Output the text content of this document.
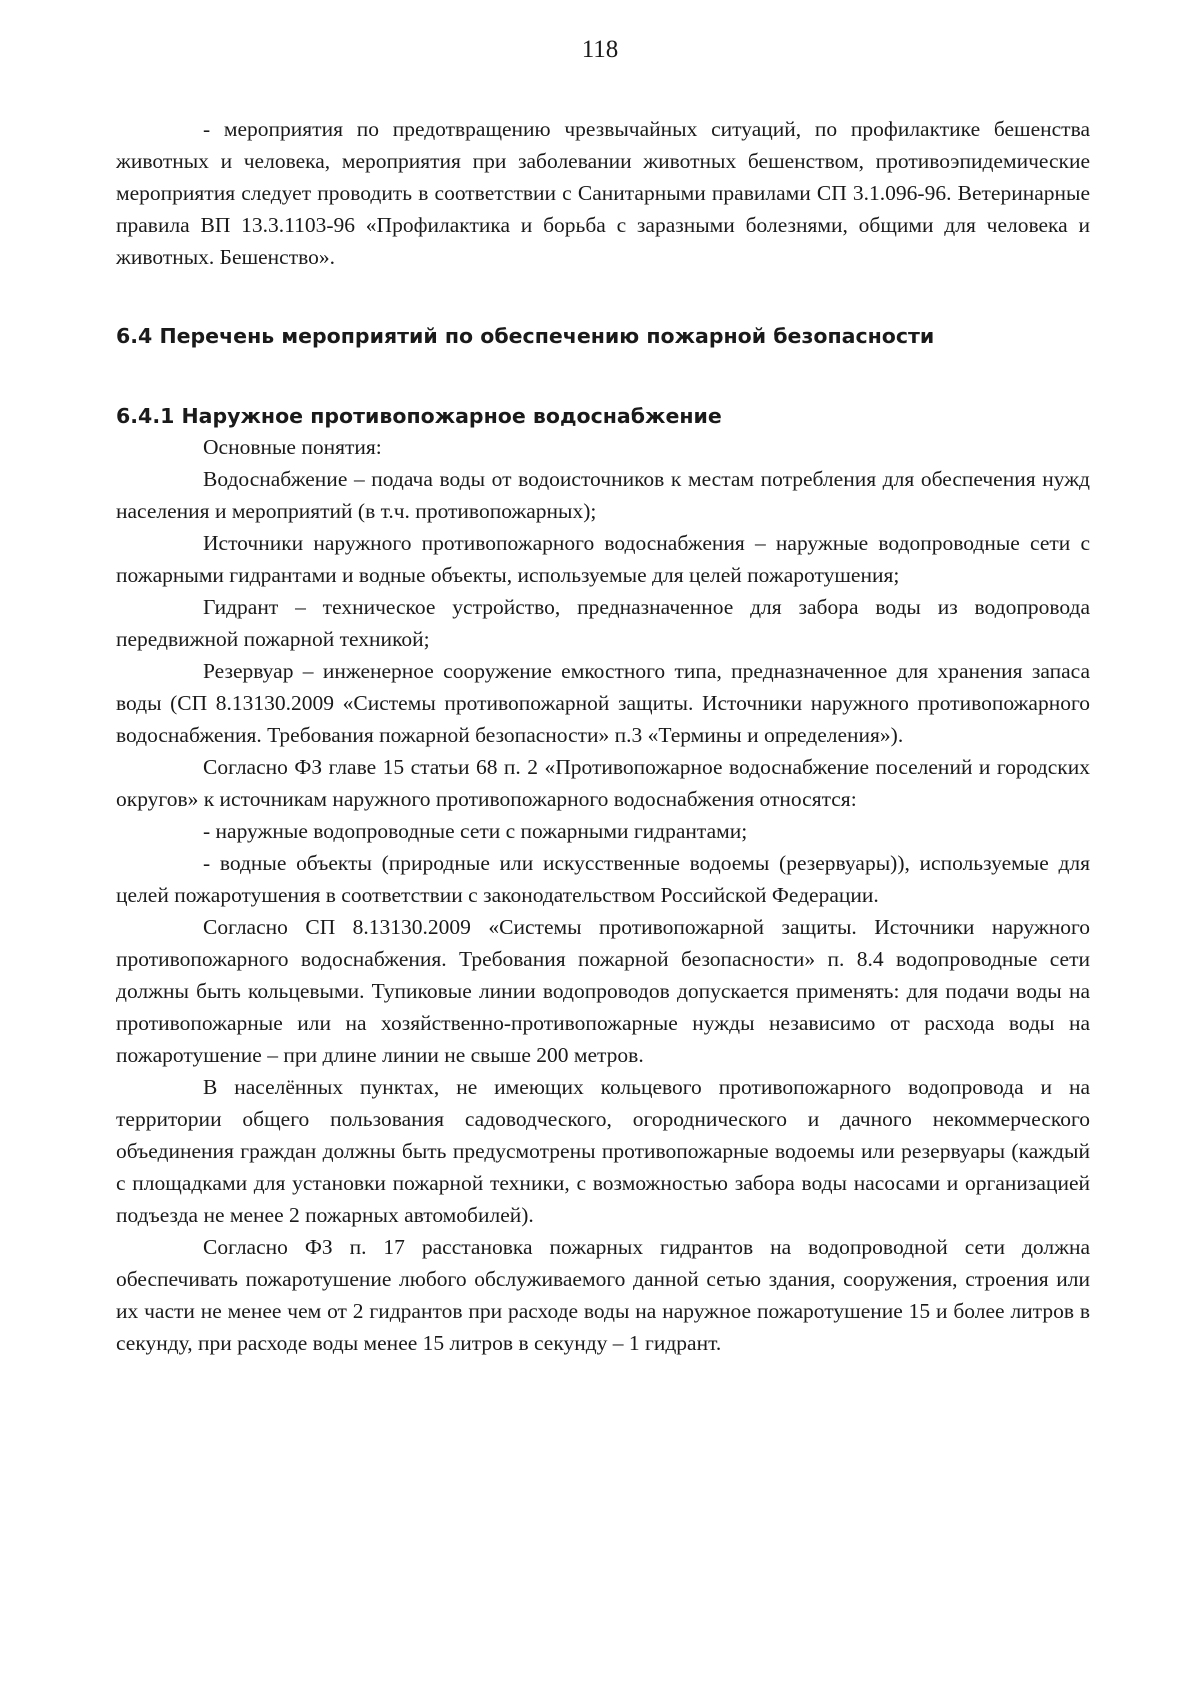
118

- мероприятия по предотвращению чрезвычайных ситуаций, по профилактике бешенства животных и человека, мероприятия при заболевании животных бешенством, противоэпидемические мероприятия следует проводить в соответствии с Санитарными правилами СП 3.1.096-96. Ветеринарные правила ВП 13.3.1103-96 «Профилактика и борьба с заразными болезнями, общими для человека и животных. Бешенство».

6.4 Перечень мероприятий по обеспечению пожарной безопасности
6.4.1 Наружное противопожарное водоснабжение

Основные понятия:

Водоснабжение – подача воды от водоисточников к местам потребления для обеспечения нужд населения и мероприятий (в т.ч. противопожарных);

Источники наружного противопожарного водоснабжения – наружные водопроводные сети с пожарными гидрантами и водные объекты, используемые для целей пожаротушения;

Гидрант – техническое устройство, предназначенное для забора воды из водопровода передвижной пожарной техникой;

Резервуар – инженерное сооружение емкостного типа, предназначенное для хранения запаса воды (СП 8.13130.2009 «Системы противопожарной защиты. Источники наружного противопожарного водоснабжения. Требования пожарной безопасности» п.3 «Термины и определения»).

Согласно ФЗ главе 15 статьи 68 п. 2 «Противопожарное водоснабжение поселений и городских округов» к источникам наружного противопожарного водоснабжения относятся:

- наружные водопроводные сети с пожарными гидрантами;

- водные объекты (природные или искусственные водоемы (резервуары)), используемые для целей пожаротушения в соответствии с законодательством Российской Федерации.

Согласно СП 8.13130.2009 «Системы противопожарной защиты. Источники наружного противопожарного водоснабжения. Требования пожарной безопасности» п. 8.4 водопроводные сети должны быть кольцевыми. Тупиковые линии водопроводов допускается применять: для подачи воды на противопожарные или на хозяйственно-противопожарные нужды независимо от расхода воды на пожаротушение – при длине линии не свыше 200 метров.

В населённых пунктах, не имеющих кольцевого противопожарного водопровода и на территории общего пользования садоводческого, огороднического и дачного некоммерческого объединения граждан должны быть предусмотрены противопожарные водоемы или резервуары (каждый с площадками для установки пожарной техники, с возможностью забора воды насосами и организацией подъезда не менее 2 пожарных автомобилей).

Согласно ФЗ п. 17 расстановка пожарных гидрантов на водопроводной сети должна обеспечивать пожаротушение любого обслуживаемого данной сетью здания, сооружения, строения или их части не менее чем от 2 гидрантов при расходе воды на наружное пожаротушение 15 и более литров в секунду, при расходе воды менее 15 литров в секунду – 1 гидрант.
